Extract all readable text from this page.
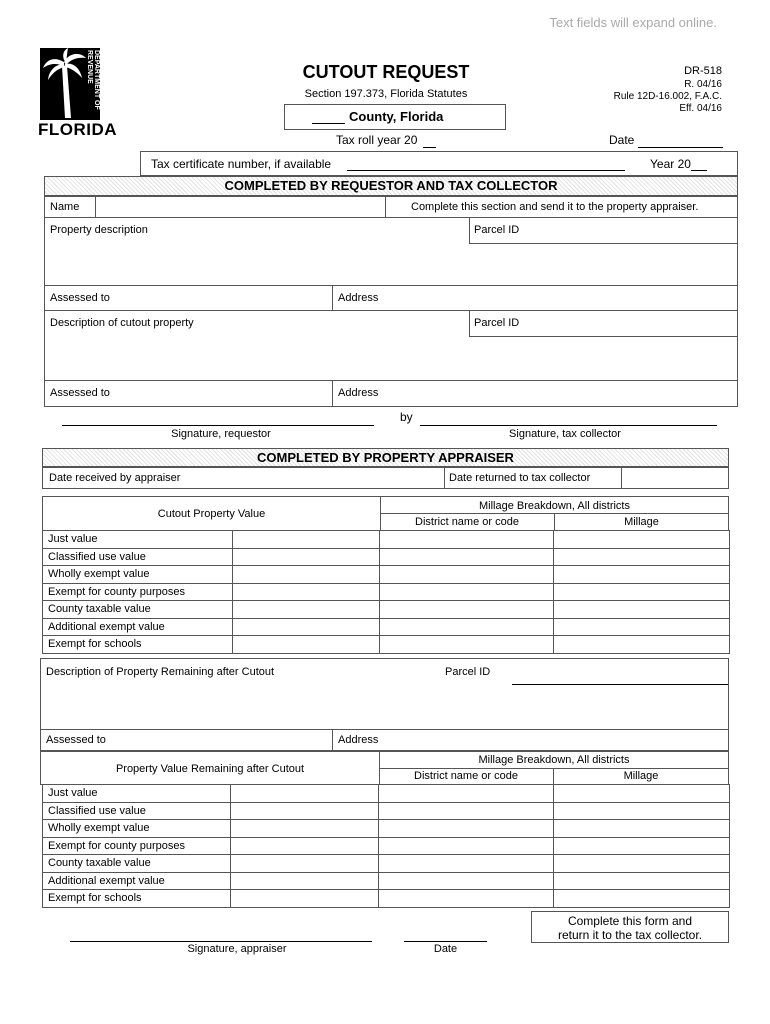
Text fields will expand online.
DEPARTMENT OF REVENUE
FLORIDA
CUTOUT REQUEST
Section 197.373, Florida Statutes
County, Florida
Tax roll year 20
DR-518
R. 04/16
Rule 12D-16.002, F.A.C.
Eff. 04/16
Date
Tax certificate number, if available	Year 20
COMPLETED BY REQUESTOR AND TAX COLLECTOR
Name	Complete this section and send it to the property appraiser.
Property description	Parcel ID
Assessed to	Address
Description of cutout property	Parcel ID
Assessed to	Address
by
Signature, requestor	Signature, tax collector
COMPLETED BY PROPERTY APPRAISER
Date received by appraiser	Date returned to tax collector
Cutout Property Value
Millage Breakdown, All districts
District name or code	Millage
Just value			
Classified use value			
Wholly exempt value			
Exempt for county purposes			
County taxable value			
Additional exempt value			
Exempt for schools			
Description of Property Remaining after Cutout	Parcel ID
Assessed to	Address
Property Value Remaining after Cutout
Millage Breakdown, All districts
District name or code	Millage
Just value			
Classified use value			
Wholly exempt value			
Exempt for county purposes			
County taxable value			
Additional exempt value			
Exempt for schools			
Complete this form and
return it to the tax collector.
Signature, appraiser	Date
